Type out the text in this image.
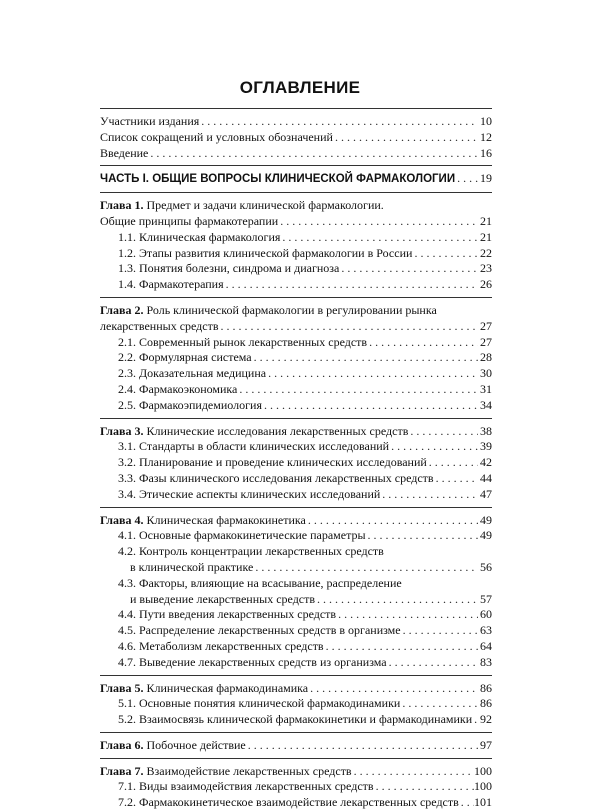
ОГЛАВЛЕНИЕ
Участники издания . . .	10
Список сокращений и условных обозначений . . .	12
Введение . . .	16
ЧАСТЬ I. ОБЩИЕ ВОПРОСЫ КЛИНИЧЕСКОЙ ФАРМАКОЛОГИИ . . . 19
Глава 1. Предмет и задачи клинической фармакологии.
Общие принципы фармакотерапии . . .	21
1.1. Клиническая фармакология . . .	21
1.2. Этапы развития клинической фармакологии в России . . .	22
1.3. Понятия болезни, синдрома и диагноза . . .	23
1.4. Фармакотерапия . . .	26
Глава 2. Роль клинической фармакологии в регулировании рынка
лекарственных средств . . .	27
2.1. Современный рынок лекарственных средств . . .	27
2.2. Формулярная система . . .	28
2.3. Доказательная медицина . . .	30
2.4. Фармакоэкономика . . .	31
2.5. Фармакоэпидемиология . . .	34
Глава 3. Клинические исследования лекарственных средств . . .	38
3.1. Стандарты в области клинических исследований . . .	39
3.2. Планирование и проведение клинических исследований . . .	42
3.3. Фазы клинического исследования лекарственных средств . . .	44
3.4. Этические аспекты клинических исследований . . .	47
Глава 4. Клиническая фармакокинетика . . .	49
4.1. Основные фармакокинетические параметры . . .	49
4.2. Контроль концентрации лекарственных средств
в клинической практике . . .	56
4.3. Факторы, влияющие на всасывание, распределение
и выведение лекарственных средств . . .	57
4.4. Пути введения лекарственных средств . . .	60
4.5. Распределение лекарственных средств в организме . . .	63
4.6. Метаболизм лекарственных средств . . .	64
4.7. Выведение лекарственных средств из организма . . .	83
Глава 5. Клиническая фармакодинамика . . .	86
5.1. Основные понятия клинической фармакодинамики . . .	86
5.2. Взаимосвязь клинической фармакокинетики и фармакодинамики . . . 92
Глава 6. Побочное действие . . .	97
Глава 7. Взаимодействие лекарственных средств . . .	100
7.1. Виды взаимодействия лекарственных средств . . .	100
7.2. Фармакокинетическое взаимодействие лекарственных средств . . . 101
